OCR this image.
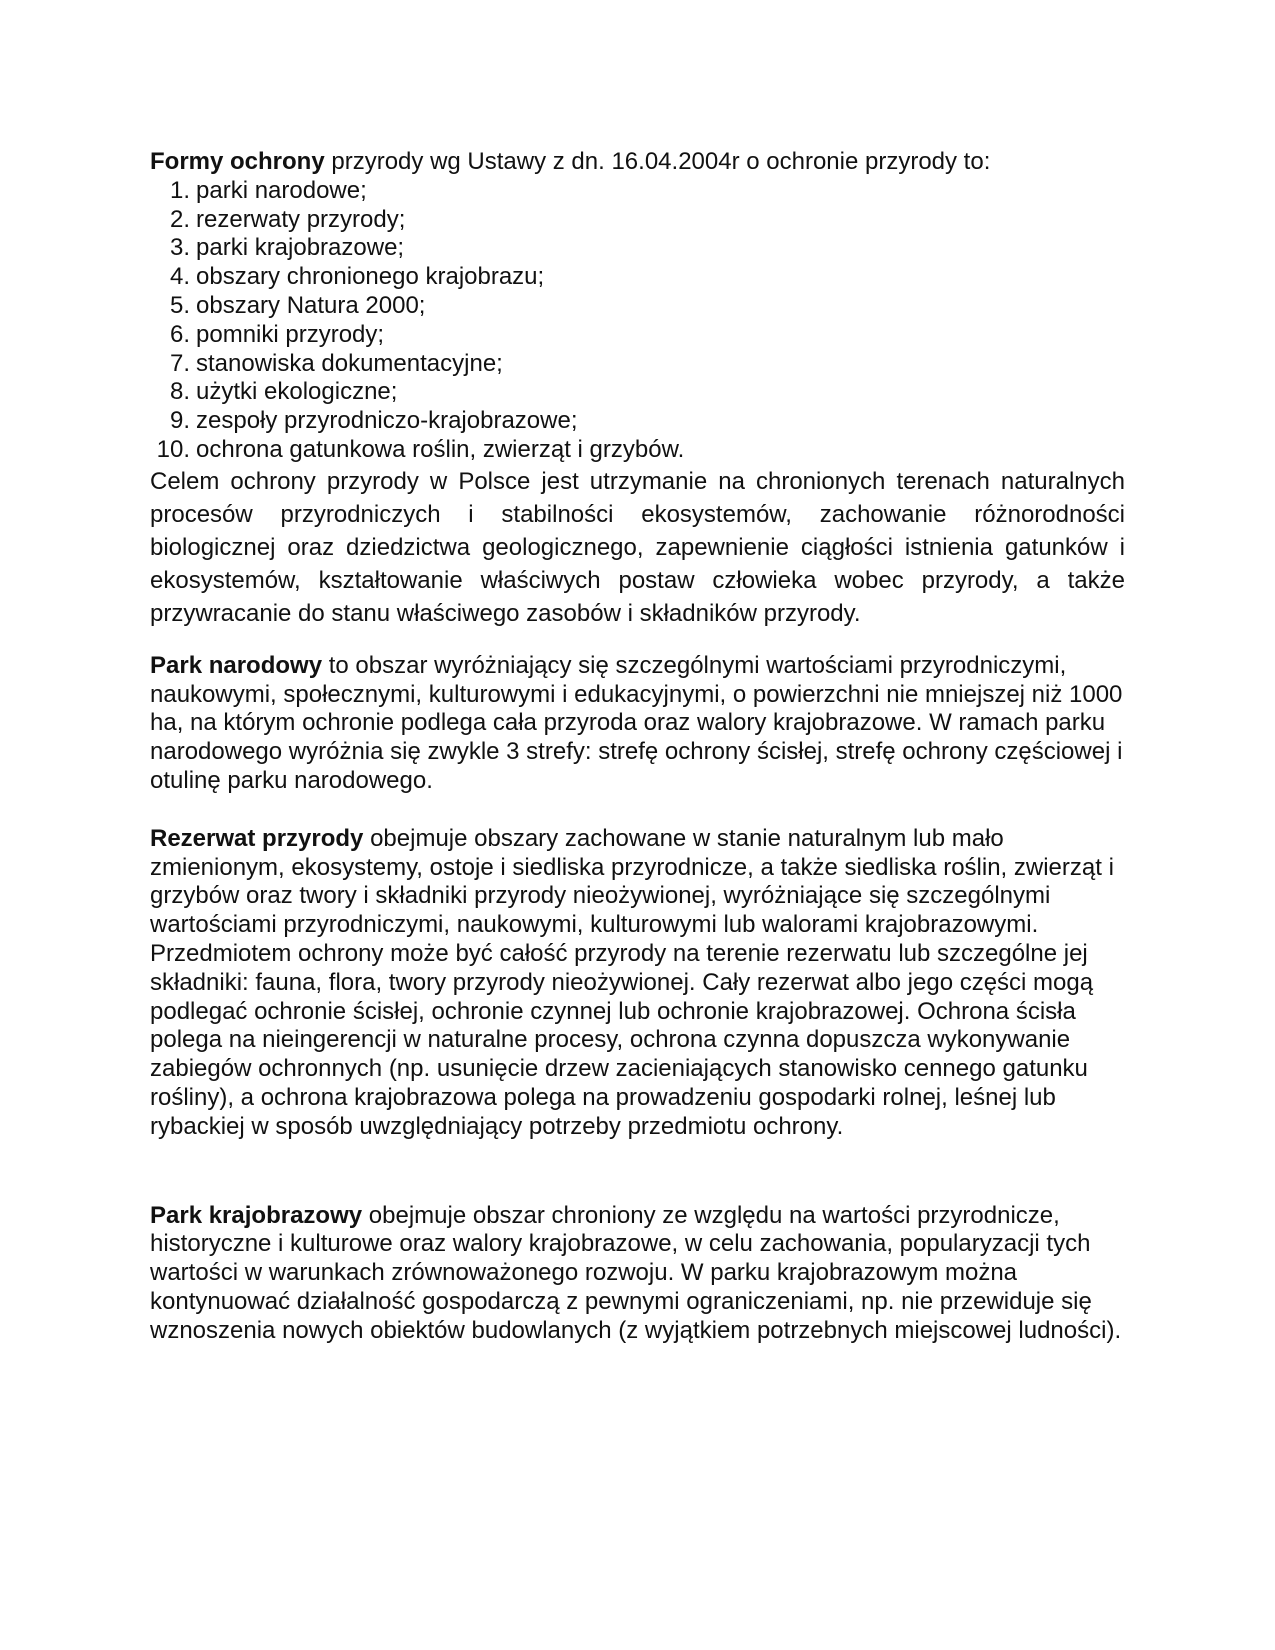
Formy ochrony przyrody wg Ustawy z dn. 16.04.2004r o ochronie przyrody to:

1. parki narodowe;
2. rezerwaty przyrody;
3. parki krajobrazowe;
4. obszary chronionego krajobrazu;
5. obszary Natura 2000;
6. pomniki przyrody;
7. stanowiska dokumentacyjne;
8. użytki ekologiczne;
9. zespoły przyrodniczo-krajobrazowe;
10. ochrona gatunkowa roślin, zwierząt i grzybów.

Celem ochrony przyrody w Polsce jest utrzymanie na chronionych terenach naturalnych procesów przyrodniczych i stabilności ekosystemów, zachowanie różnorodności biologicznej oraz dziedzictwa geologicznego, zapewnienie ciągłości istnienia gatunków i ekosystemów, kształtowanie właściwych postaw człowieka wobec przyrody, a także przywracanie do stanu właściwego zasobów i składników przyrody.

Park narodowy to obszar wyróżniający się szczególnymi wartościami przyrodniczymi, naukowymi, społecznymi, kulturowymi i edukacyjnymi, o powierzchni nie mniejszej niż 1000 ha, na którym ochronie podlega cała przyroda oraz walory krajobrazowe. W ramach parku narodowego wyróżnia się zwykle 3 strefy: strefę ochrony ścisłej, strefę ochrony częściowej i otulinę parku narodowego.

Rezerwat przyrody obejmuje obszary zachowane w stanie naturalnym lub mało zmienionym, ekosystemy, ostoje i siedliska przyrodnicze, a także siedliska roślin, zwierząt i grzybów oraz twory i składniki przyrody nieożywionej, wyróżniające się szczególnymi wartościami przyrodniczymi, naukowymi, kulturowymi lub walorami krajobrazowymi.

Przedmiotem ochrony może być całość przyrody na terenie rezerwatu lub szczególne jej składniki: fauna, flora, twory przyrody nieożywionej. Cały rezerwat albo jego części mogą podlegać ochronie ścisłej, ochronie czynnej lub ochronie krajobrazowej. Ochrona ścisła polega na nieingerencji w naturalne procesy, ochrona czynna dopuszcza wykonywanie zabiegów ochronnych (np. usunięcie drzew zacieniających stanowisko cennego gatunku rośliny), a ochrona krajobrazowa polega na prowadzeniu gospodarki rolnej, leśnej lub rybackiej w sposób uwzględniający potrzeby przedmiotu ochrony.

Park krajobrazowy obejmuje obszar chroniony ze względu na wartości przyrodnicze, historyczne i kulturowe oraz walory krajobrazowe, w celu zachowania, popularyzacji tych wartości w warunkach zrównoważonego rozwoju. W parku krajobrazowym można kontynuować działalność gospodarczą z pewnymi ograniczeniami, np. nie przewiduje się wznoszenia nowych obiektów budowlanych (z wyjątkiem potrzebnych miejscowej ludności).
